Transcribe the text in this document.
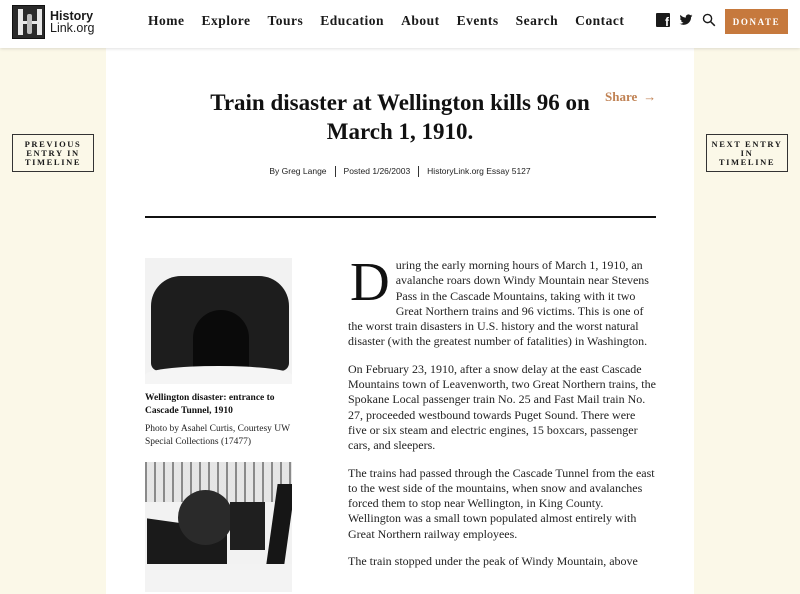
History
Link.org	Home Explore Tours Education About Events Search Contact f	DONATE
PREVIOUS ENTRY IN TIMELINE
NEXT ENTRY IN TIMELINE
Train disaster at Wellington kills 96 on March 1, 1910.
Share →
By Greg Lange Posted 1/26/2003 HistoryLink.org Essay 5127
Wellington disaster: entrance to Cascade Tunnel, 1910
Photo by Asahel Curtis, Courtesy UW Special Collections (17477)

During the early morning hours of March 1, 1910, an avalanche roars down Windy Mountain near Stevens Pass in the Cascade Mountains, taking with it two Great Northern trains and 96 victims. This is one of the worst train disasters in U.S. history and the worst natural disaster (with the greatest number of fatalities) in Washington.

On February 23, 1910, after a snow delay at the east Cascade Mountains town of Leavenworth, two Great Northern trains, the Spokane Local passenger train No. 25 and Fast Mail train No. 27, proceeded westbound towards Puget Sound. There were five or six steam and electric engines, 15 boxcars, passenger cars, and sleepers.

The trains had passed through the Cascade Tunnel from the east to the west side of the mountains, when snow and avalanches forced them to stop near Wellington, in King County. Wellington was a small town populated almost entirely with Great Northern railway employees.

The train stopped under the peak of Windy Mountain, above
